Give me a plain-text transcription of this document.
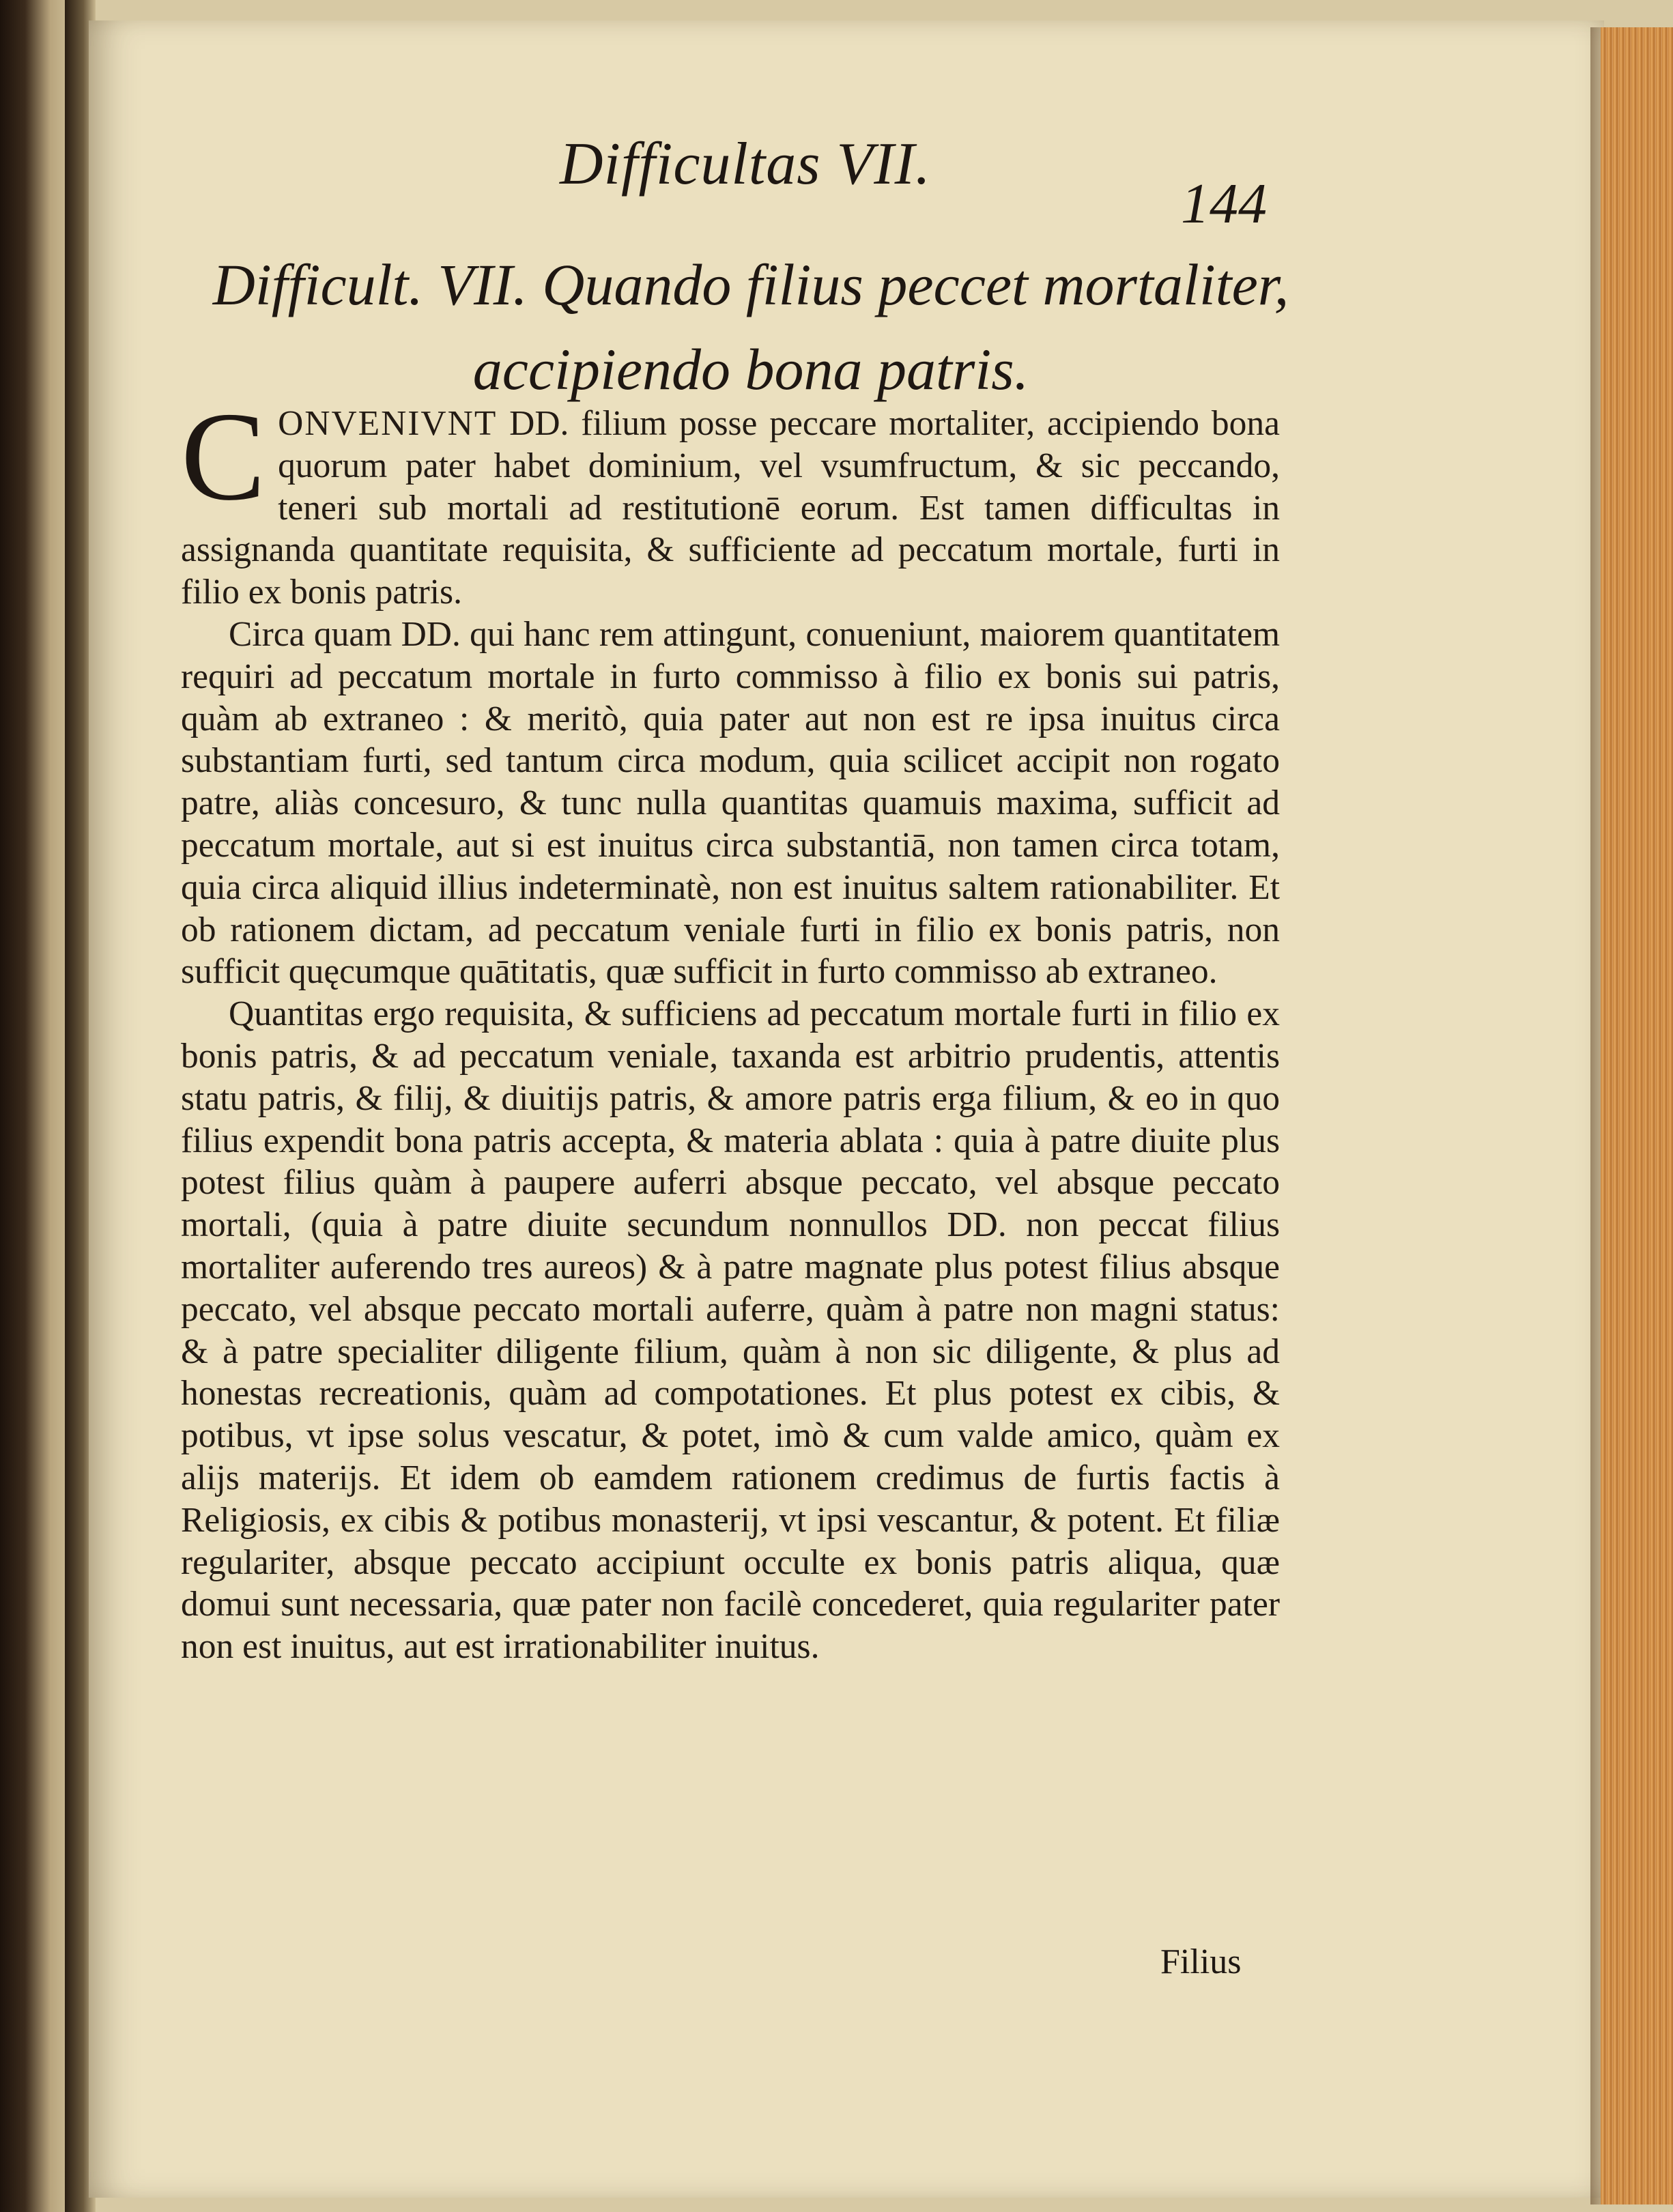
Difficultas VII.
144
Difficult. VII. Quando filius peccet mortaliter, accipiendo bona patris.

CONVENIVNT DD. filium posse peccare mortaliter, accipiendo bona quorum pater habet dominium, vel vsumfructum, & sic peccando, teneri sub mortali ad restitutionē eorum. Est tamen difficultas in assignanda quantitate requisita, & sufficiente ad peccatum mortale, furti in filio ex bonis patris.

Circa quam DD. qui hanc rem attingunt, conueniunt, maiorem quantitatem requiri ad peccatum mortale in furto commisso à filio ex bonis sui patris, quàm ab extraneo : & meritò, quia pater aut non est re ipsa inuitus circa substantiam furti, sed tantum circa modum, quia scilicet accipit non rogato patre, aliàs concesuro, & tunc nulla quantitas quamuis maxima, sufficit ad peccatum mortale, aut si est inuitus circa substantiā, non tamen circa totam, quia circa aliquid illius indeterminatè, non est inuitus saltem rationabiliter. Et ob rationem dictam, ad peccatum veniale furti in filio ex bonis patris, non sufficit quęcumque quātitatis, quæ sufficit in furto commisso ab extraneo.

Quantitas ergo requisita, & sufficiens ad peccatum mortale furti in filio ex bonis patris, & ad peccatum veniale, taxanda est arbitrio prudentis, attentis statu patris, & filij, & diuitijs patris, & amore patris erga filium, & eo in quo filius expendit bona patris accepta, & materia ablata : quia à patre diuite plus potest filius quàm à paupere auferri absque peccato, vel absque peccato mortali, (quia à patre diuite secundum nonnullos DD. non peccat filius mortaliter auferendo tres aureos) & à patre magnate plus potest filius absque peccato, vel absque peccato mortali auferre, quàm à patre non magni status: & à patre specialiter diligente filium, quàm à non sic diligente, & plus ad honestas recreationis, quàm ad compotationes. Et plus potest ex cibis, & potibus, vt ipse solus vescatur, & potet, imò & cum valde amico, quàm ex alijs materijs. Et idem ob eamdem rationem credimus de furtis factis à Religiosis, ex cibis & potibus monasterij, vt ipsi vescantur, & potent. Et filiæ regulariter, absque peccato accipiunt occulte ex bonis patris aliqua, quæ domui sunt necessaria, quæ pater non facilè concederet, quia regulariter pater non est inuitus, aut est irrationabiliter inuitus.

Filius
